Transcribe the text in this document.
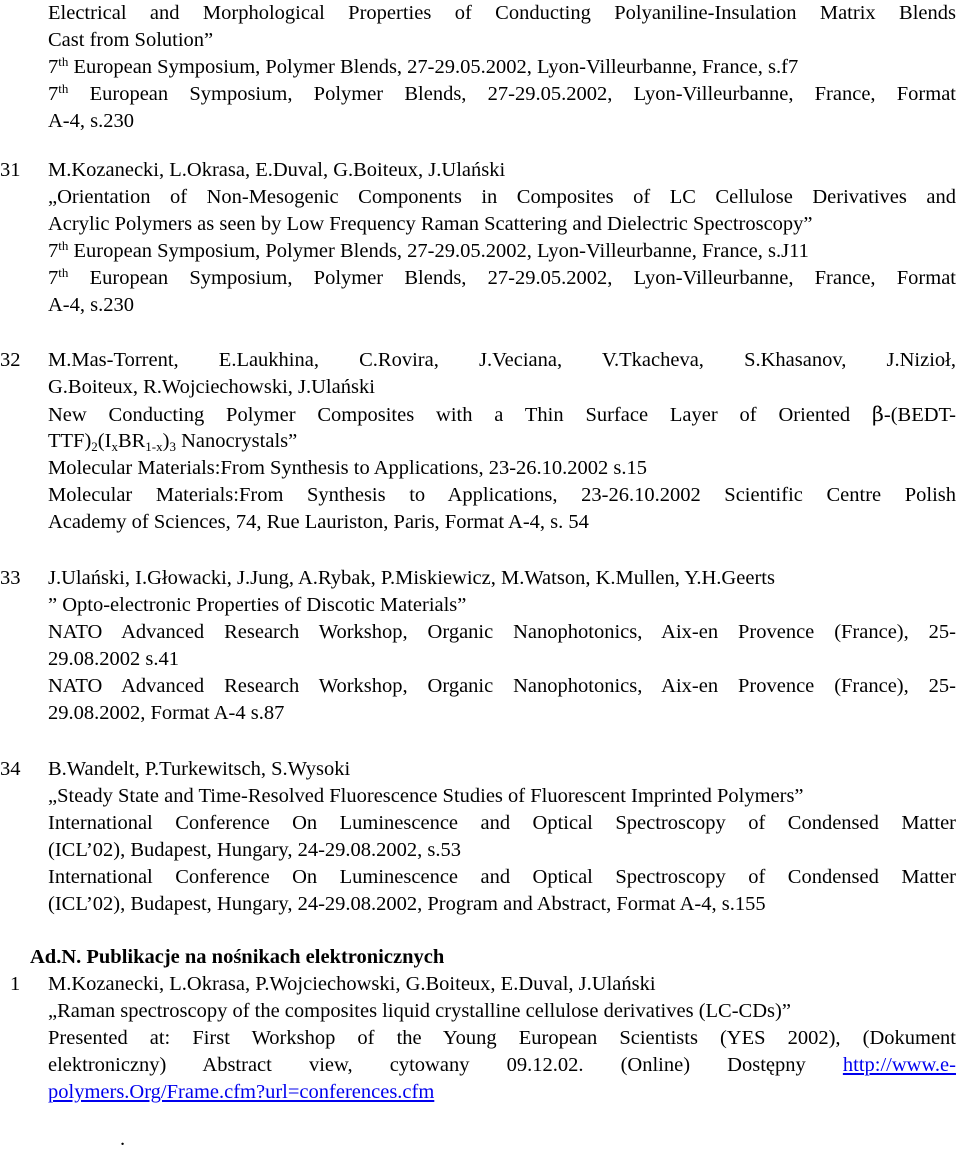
Electrical and Morphological Properties of Conducting Polyaniline-Insulation Matrix Blends
Cast from Solution”
7th European Symposium, Polymer Blends, 27-29.05.2002, Lyon-Villeurbanne, France, s.f7
7th European Symposium, Polymer Blends, 27-29.05.2002, Lyon-Villeurbanne, France, Format
A-4, s.230
31	M.Kozanecki, L.Okrasa, E.Duval, G.Boiteux, J.Ulański
„Orientation of Non-Mesogenic Components in Composites of LC Cellulose Derivatives and
Acrylic Polymers as seen by Low Frequency Raman Scattering and Dielectric Spectroscopy”
7th European Symposium, Polymer Blends, 27-29.05.2002, Lyon-Villeurbanne, France, s.J11
7th European Symposium, Polymer Blends, 27-29.05.2002, Lyon-Villeurbanne, France, Format
A-4, s.230
32	M.Mas-Torrent, E.Laukhina, C.Rovira, J.Veciana, V.Tkacheva, S.Khasanov, J.Nizioł,
G.Boiteux, R.Wojciechowski, J.Ulański
New Conducting Polymer Composites with a Thin Surface Layer of Oriented β-(BEDT-
$TTF)_2(I_xBR_{1-x})_3$ Nanocrystals”
Molecular Materials:From Synthesis to Applications, 23-26.10.2002 s.15
Molecular Materials:From Synthesis to Applications, 23-26.10.2002 Scientific Centre Polish
Academy of Sciences, 74, Rue Lauriston, Paris, Format A-4, s. 54
33	J.Ulański, I.Głowacki, J.Jung, A.Rybak, P.Miskiewicz, M.Watson, K.Mullen, Y.H.Geerts
” Opto-electronic Properties of Discotic Materials”
NATO Advanced Research Workshop, Organic Nanophotonics, Aix-en Provence (France), 25-
29.08.2002 s.41
NATO Advanced Research Workshop, Organic Nanophotonics, Aix-en Provence (France), 25-
29.08.2002, Format A-4 s.87
34	B.Wandelt, P.Turkewitsch, S.Wysoki
„Steady State and Time-Resolved Fluorescence Studies of Fluorescent Imprinted Polymers”
International Conference On Luminescence and Optical Spectroscopy of Condensed Matter
(ICL’02), Budapest, Hungary, 24-29.08.2002, s.53
International Conference On Luminescence and Optical Spectroscopy of Condensed Matter
(ICL’02), Budapest, Hungary, 24-29.08.2002, Program and Abstract, Format A-4, s.155
Ad.N. Publikacje na nośnikach elektronicznych
1	M.Kozanecki, L.Okrasa, P.Wojciechowski, G.Boiteux, E.Duval, J.Ulański
„Raman spectroscopy of the composites liquid crystalline cellulose derivatives (LC-CDs)”
Presented at: First Workshop of the Young European Scientists (YES 2002), (Dokument
elektroniczny) Abstract view, cytowany 09.12.02. (Online) Dostępny http://www.e-
polymers.Org/Frame.cfm?url=conferences.cfm
.
